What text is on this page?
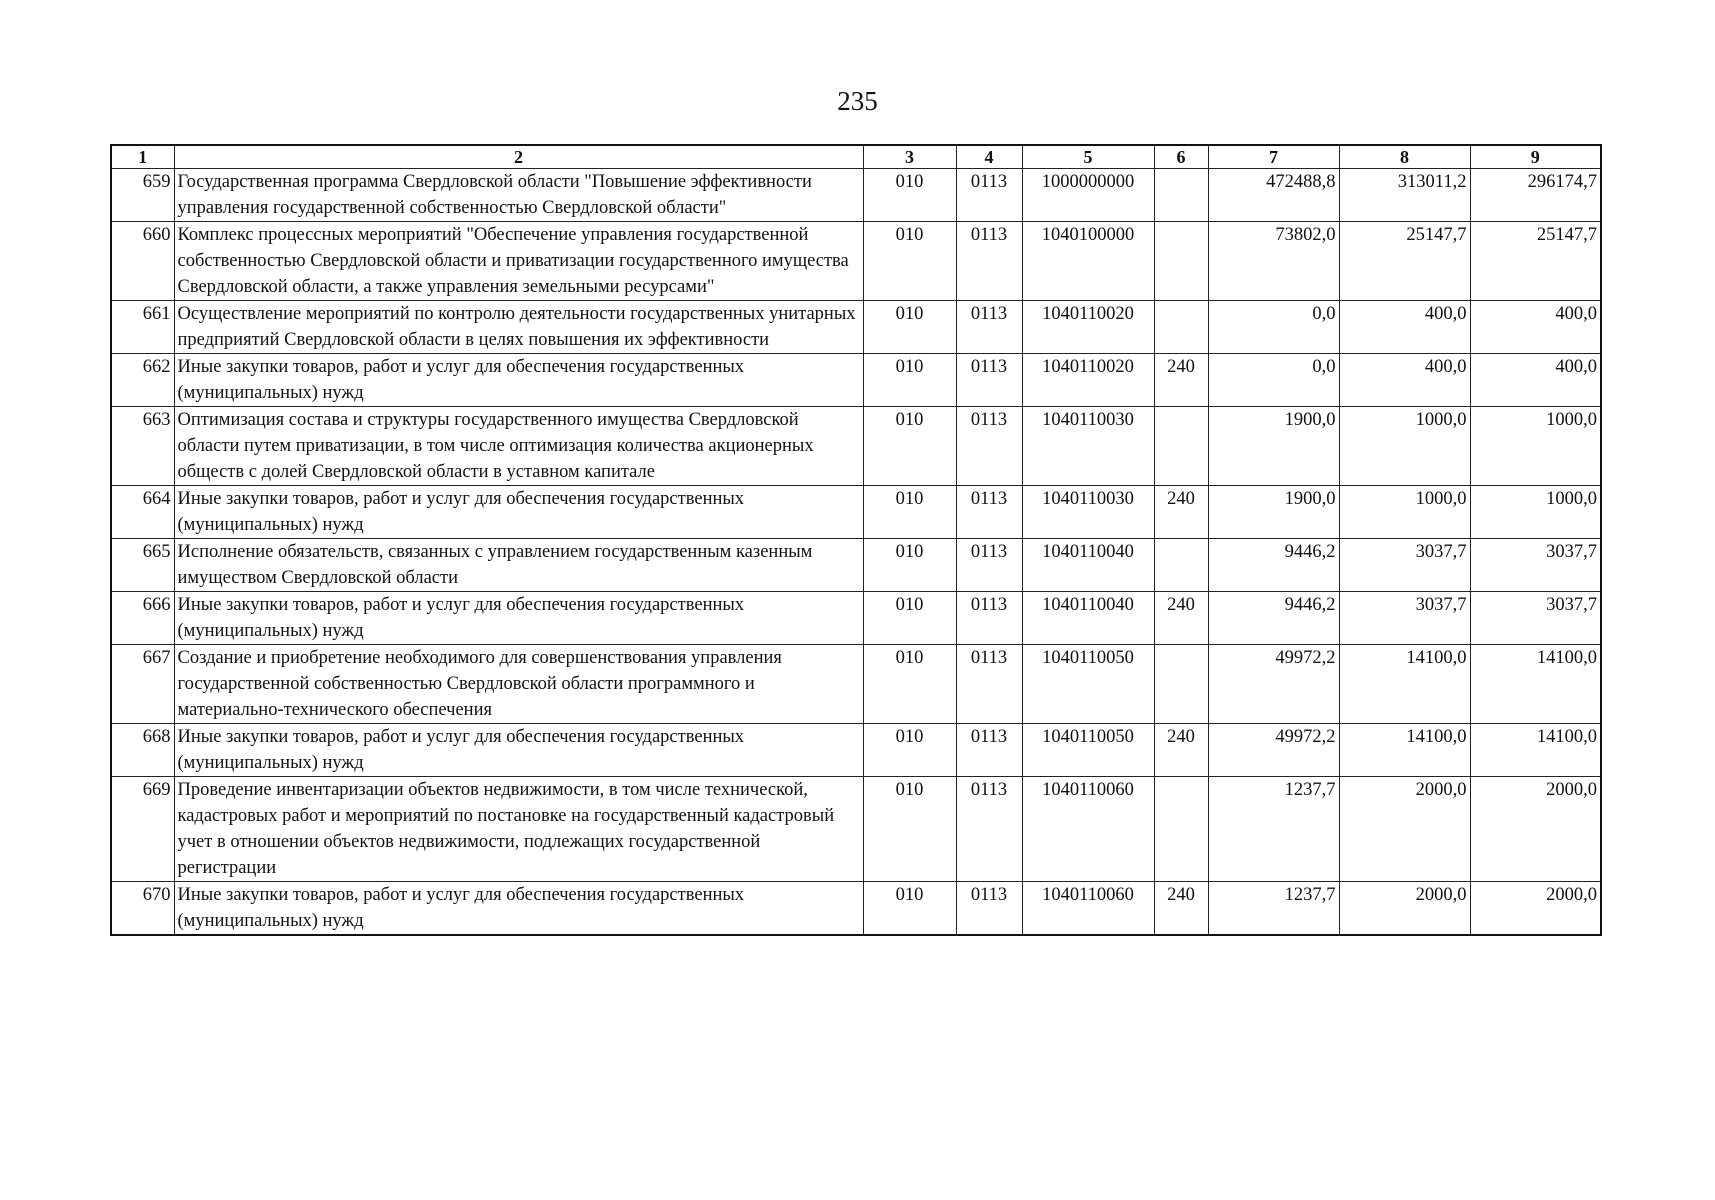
235
1	2	3	4	5	6	7	8	9
659	Государственная программа Свердловской области "Повышение эффективности управления государственной собственностью Свердловской области"	010	0113	1000000000		472488,8	313011,2	296174,7
660	Комплекс процессных мероприятий "Обеспечение управления государственной собственностью Свердловской области и приватизации государственного имущества Свердловской области, а также управления земельными ресурсами"	010	0113	1040100000		73802,0	25147,7	25147,7
661	Осуществление мероприятий по контролю деятельности государственных унитарных предприятий Свердловской области в целях повышения их эффективности	010	0113	1040110020		0,0	400,0	400,0
662	Иные закупки товаров, работ и услуг для обеспечения государственных (муниципальных) нужд	010	0113	1040110020	240	0,0	400,0	400,0
663	Оптимизация состава и структуры государственного имущества Свердловской области путем приватизации, в том числе оптимизация количества акционерных обществ с долей Свердловской области в уставном капитале	010	0113	1040110030		1900,0	1000,0	1000,0
664	Иные закупки товаров, работ и услуг для обеспечения государственных (муниципальных) нужд	010	0113	1040110030	240	1900,0	1000,0	1000,0
665	Исполнение обязательств, связанных с управлением государственным казенным имуществом Свердловской области	010	0113	1040110040		9446,2	3037,7	3037,7
666	Иные закупки товаров, работ и услуг для обеспечения государственных (муниципальных) нужд	010	0113	1040110040	240	9446,2	3037,7	3037,7
667	Создание и приобретение необходимого для совершенствования управления государственной собственностью Свердловской области программного и материально-технического обеспечения	010	0113	1040110050		49972,2	14100,0	14100,0
668	Иные закупки товаров, работ и услуг для обеспечения государственных (муниципальных) нужд	010	0113	1040110050	240	49972,2	14100,0	14100,0
669	Проведение инвентаризации объектов недвижимости, в том числе технической, кадастровых работ и мероприятий по постановке на государственный кадастровый учет в отношении объектов недвижимости, подлежащих государственной регистрации	010	0113	1040110060		1237,7	2000,0	2000,0
670	Иные закупки товаров, работ и услуг для обеспечения государственных (муниципальных) нужд	010	0113	1040110060	240	1237,7	2000,0	2000,0
